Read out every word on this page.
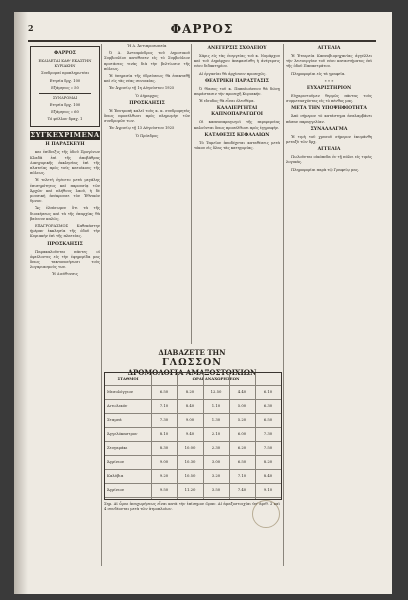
ΦΑΡΡΟΣ
2
ΦΑΡΡΟΣ
ΕΚΔΙΔΕΤΑΙ ΚΑΘ' ΕΚΑΣΤΗΝ ΚΥΡΙΑΚΗΝ
Συνδρομαί προπληρωτέαι
Ετησία δρχ. 100
Εξάμηνος » 50
ΣΥΝΔΡΟΜΑΙ
Ετησία δρχ. 100
Εξάμηνος » 60
Τό φύλλον δραχ. 1
ΣΥΓΚΕΧΡΙΜΕΝΑ
Η ΠΑΡΑΣΚΕΥΗ
και ἐπίδειξις τῆς ὁδοῦ Προγόνων Κλαδᾶ ἐπὶ τῆς ἀποβάθρας Δικηγορικῆς ἐκκλησίας ἐπὶ τῆς πλατείας πρὸς τοὺς κατοίκους τῆς πόλεως.
Ἡ τελετὴ ἐγένετο μετὰ μεγάλης ἐπισημότητος καὶ παρουσίᾳ τῶν Ἀρχῶν καὶ πλήθους λαοῦ, ἡ δὲ μουσικὴ ἀνέκρουσε τὸν Ἐθνικὸν ὕμνον.
Ἂς ἐλπίσωμεν ὅτι τὰ τῆς διοικήσεως καὶ τὰ τῆς ἐπαρχίας θὰ βαίνουν καλῶς.
ΕΞΑΓΡΟΡΑΣΜΟΣ Καθεκάστην ἡμέραν ἐκκλησία τῆς ὁδοῦ τὴν Κυριακήν ἐπὶ τῆς πλατείας.
ΠΡΟΣΚΛΗΣΙΣ
Παρακαλοῦνται πάντες οἱ ὀφείλοντες εἰς τὴν ἐφημερίδα μας ὅπως τακτοποιήσωσι τοὺς λογαριασμούς των.
Ἡ Διεύθυνσις
Ἡ Δ. Ἀντιπροσωπεία
Ὁ Δ. Ἀντιπρόεδρος τοῦ Δημοτικοῦ Συμβουλίου κατέθεσεν εἰς τὸ Συμβούλιον προτάσεις τινὰς διὰ τὴν βελτίωσιν τῆς πόλεως.
Ἡ ὑπηρεσία τῆς ὑδρεύσεως θὰ ἐπεκταθῇ καὶ εἰς τὰς νέας συνοικίας.
Ἐν Ἀγρινίῳ τῇ 1η Αὐγούστου 1925
Ὁ Δήμαρχος
ΠΡΟΣΚΛΗΣΙΣ
Ἡ Ἐπιτροπὴ καλεῖ τοὺς κ. κ. συνδρομητὰς ὅπως προσέλθωσι πρὸς πληρωμὴν τῶν συνδρομῶν των.
Ἐν Ἀγρινίῳ τῇ 13 Αὐγούστου 1925
Ὁ Πρόεδρος
ΑΝΕΓΕΡΣΙΣ ΣΧΟΛΕΙΟΥ
Χάρις εἰς τὰς ἐνεργείας τοῦ κ. Νομάρχου καὶ τοῦ Δημάρχου ἀπεφασίσθη ἡ ἀνέγερσις νέου διδακτηρίου.
Αἱ ἐργασίαι θὰ ἀρχίσουν προσεχῶς.
ΘΕΑΤΡΙΚΗ ΠΑΡΑΣΤΑΣΙΣ
Ὁ θίασος τοῦ κ. Παπαϊωάννου θὰ δώσῃ παράστασιν τὴν προσεχῆ Κυριακήν.
Ἡ εἴσοδος θὰ εἶναι ἐλευθέρα.
ΚΑΛΛΙΕΡΓΗΤΑΙ ΚΑΠΝΟΠΑΡΑΓΩΓΟΙ
Οἱ καπνοπαραγωγοὶ τῆς περιφερείας καλοῦνται ὅπως προσέλθωσι πρὸς ἐγγραφήν.
ΚΑΤΑΘΕΣΙΣ ΚΕΦΑΛΑΙΩΝ
Τὸ Ταμεῖον ἀποδέχεται καταθέσεις μετὰ τόκου εἰς ὅλας τὰς κατηγορίας.
ΑΓΓΕΛΙΑ
Ἡ Ἑταιρεία Καπνοβιομηχανίας ἀγγέλλει τὴν λειτουργίαν τοῦ νέου καταστήματος ἐπὶ τῆς ὁδοῦ Παπαστράτου.
Πληροφορίαι εἰς τὰ γραφεῖα.
* * *
ΕΥΧΑΡΙΣΤΗΡΙΟΝ
Εὐχαριστοῦμεν θερμῶς πάντας τοὺς συμμετασχόντας εἰς τὸ πένθος μας.
ΜΕΤΑ ΤΗΝ ΥΠΟΨΗΦΙΟΤΗΤΑ
Ἀπὸ σήμερον τὸ κατάστημα ἀναλαμβάνει πᾶσαν παραγγελίαν.
ΣΥΝΑΛΛΑΓΜΑ
Ἡ τιμὴ τοῦ χρυσοῦ σήμερον ἐκυμάνθη μεταξὺ τῶν δρχ.
ΑΓΓΕΛΙΑ
Πωλοῦνται οἰκόπεδα ἐν τῇ πόλει εἰς τιμὰς λογικάς.
Πληροφορίαι παρὰ τῷ Γραφείῳ μας.
ΔΙΑΒΑΖΕΤΕ ΤΗΝ
ΓΛΩΣΣΟΝ
ΔΡΟΜΟΛΟΓΙΑ ΑΜΑΞΟΣΤΟΙΧΙΩΝ
ΣΤΑΘΜΟΙ	ΩΡΑΙ ΑΝΑΧΩΡΗΣΕΩΝ
Μεσολόγγιον	6.50	8.20	12.50	4.40	6.10
Αιτωλικόν	7.10	8.40	1.10	5.00	6.30
Σταμνά	7.30	9.00	1.30	5.20	6.50
Άγγελόκαστρον	8.10	9.40	2.10	6.00	7.30
Ζευγαράκι	8.30	10.00	2.30	6.20	7.50
Ἀγρίνιον	9.00	10.30	3.00	6.50	8.20
Καλύβια	9.20	10.50	3.20	7.10	8.40
Ἀγρίνιον	9.50	11.20	3.50	7.40	9.10
Σημ. Αἱ ὧραι ἀναχωρήσεως εἶναι κατὰ τὴν ἐπίσημον ὥραν. Αἱ ἁμαξοστοιχίαι ὑπ' ἀριθ. 2 καὶ 4 συνδέονται μετὰ τῶν ἀτμοπλοίων.
